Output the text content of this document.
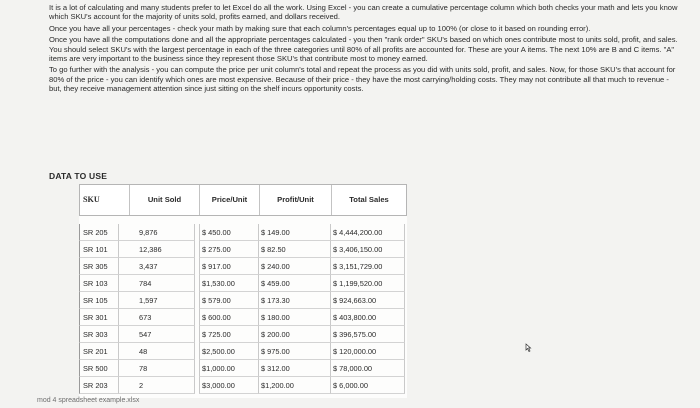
It is a lot of calculating and many students prefer to let Excel do all the work. Using Excel - you can create a cumulative percentage column which both checks your math and lets you know which SKU's account for the majority of units sold, profits earned, and dollars received.

Once you have all your percentages - check your math by making sure that each column's percentages equal up to 100% (or close to it based on rounding error).

Once you have all the computations done and all the appropriate percentages calculated - you then "rank order" SKU's based on which ones contribute most to units sold, profit, and sales. You should select SKU's with the largest percentage in each of the three categories until 80% of all profits are accounted for. These are your A items. The next 10% are B and C items. "A" items are very important to the business since they represent those SKU's that contribute most to money earned.

To go further with the analysis - you can compute the price per unit column's total and repeat the process as you did with units sold, profit, and sales. Now, for those SKU's that account for 80% of the price - you can identify which ones are most expensive. Because of their price - they have the most carrying/holding costs. They may not contribute all that much to revenue - but, they receive management attention since just sitting on the shelf incurs opportunity costs.

DATA TO USE
SKU	Unit Sold	Price/Unit	Profit/Unit	Total Sales
SR 205	9,876	$ 450.00	$ 149.00	$ 4,444,200.00
SR 101	12,386	$ 275.00	$ 82.50	$ 3,406,150.00
SR 305	3,437	$ 917.00	$ 240.00	$ 3,151,729.00
SR 103	784	$1,530.00	$ 459.00	$ 1,199,520.00
SR 105	1,597	$ 579.00	$ 173.30	$ 924,663.00
SR 301	673	$ 600.00	$ 180.00	$ 403,800.00
SR 303	547	$ 725.00	$ 200.00	$ 396,575.00
SR 201	48	$2,500.00	$ 975.00	$ 120,000.00
SR 500	78	$1,000.00	$ 312.00	$ 78,000.00
SR 203	2	$3,000.00	$1,200.00	$ 6,000.00
mod 4 spreadsheet example.xlsx
